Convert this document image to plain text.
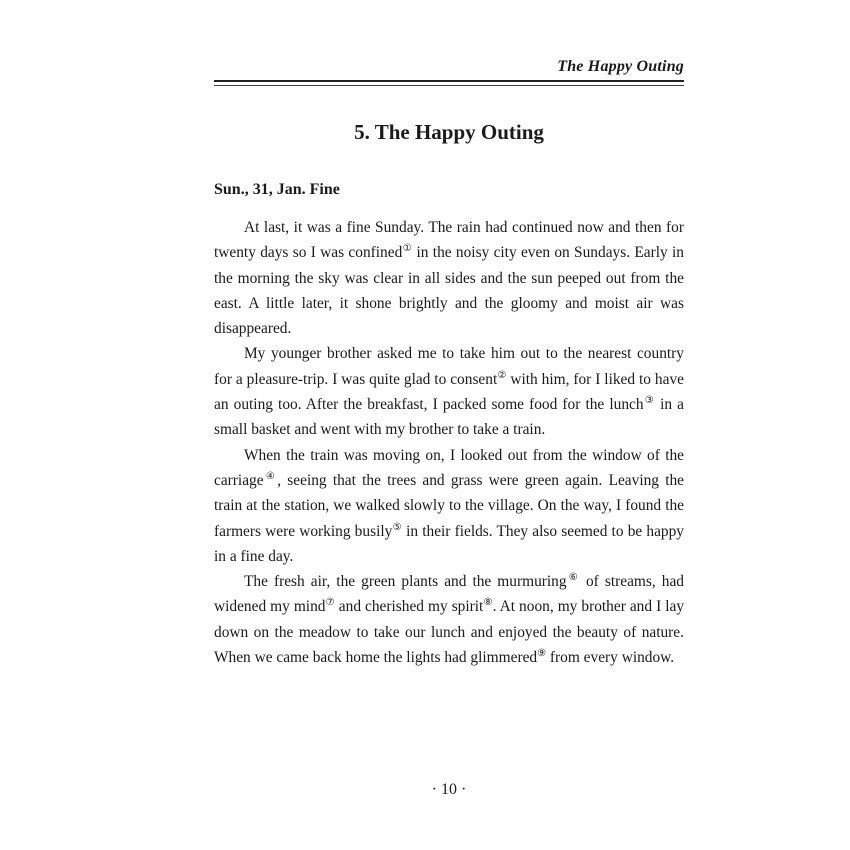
The Happy Outing
5. The Happy Outing
Sun., 31, Jan. Fine

At last, it was a fine Sunday. The rain had continued now and then for twenty days so I was confined① in the noisy city even on Sundays. Early in the morning the sky was clear in all sides and the sun peeped out from the east. A little later, it shone brightly and the gloomy and moist air was disappeared.

My younger brother asked me to take him out to the nearest country for a pleasure-trip. I was quite glad to consent② with him, for I liked to have an outing too. After the breakfast, I packed some food for the lunch③ in a small basket and went with my brother to take a train.

When the train was moving on, I looked out from the window of the carriage④, seeing that the trees and grass were green again. Leaving the train at the station, we walked slowly to the village. On the way, I found the farmers were working busily⑤ in their fields. They also seemed to be happy in a fine day.

The fresh air, the green plants and the murmuring⑥ of streams, had widened my mind⑦ and cherished my spirit⑧. At noon, my brother and I lay down on the meadow to take our lunch and enjoyed the beauty of nature. When we came back home the lights had glimmered⑨ from every window.

· 10 ·
